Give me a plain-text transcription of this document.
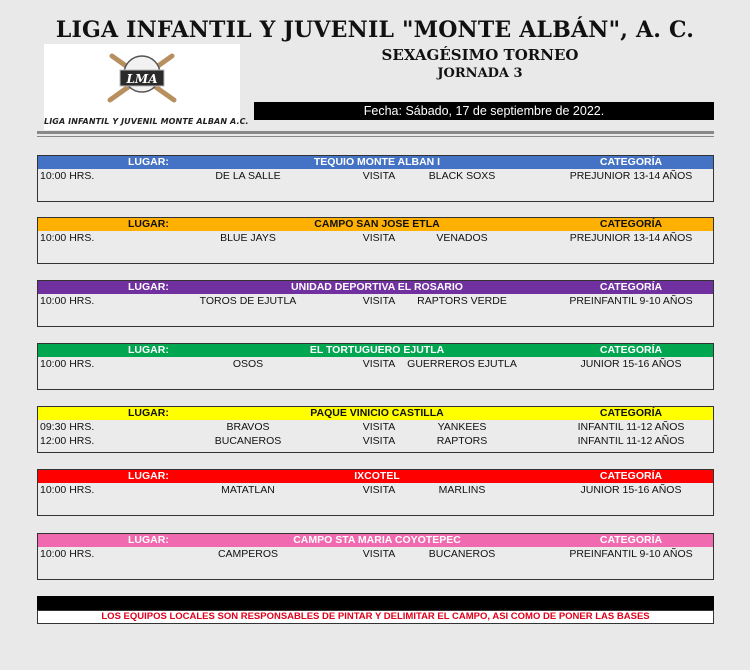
LIGA INFANTIL Y JUVENIL "MONTE ALBÁN", A. C.
LMA
LIGA INFANTIL Y JUVENIL MONTE ALBAN A.C.
SEXAGÉSIMO TORNEO
JORNADA 3
Fecha: Sábado, 17 de septiembre de 2022.
LUGAR:	TEQUIO MONTE ALBAN I	CATEGORÍA
10:00 HRS.	DE LA SALLE	VISITA	BLACK SOXS	PREJUNIOR 13-14 AÑOS
LUGAR:	CAMPO SAN JOSE ETLA	CATEGORÍA
10:00 HRS.	BLUE JAYS	VISITA	VENADOS	PREJUNIOR 13-14 AÑOS
LUGAR:	UNIDAD DEPORTIVA EL ROSARIO	CATEGORÍA
10:00 HRS.	TOROS DE EJUTLA	VISITA	RAPTORS VERDE	PREINFANTIL 9-10 AÑOS
LUGAR:	EL TORTUGUERO EJUTLA	CATEGORÍA
10:00 HRS.	OSOS	VISITA	GUERREROS EJUTLA	JUNIOR 15-16 AÑOS
LUGAR:	PAQUE VINICIO CASTILLA	CATEGORÍA
09:30 HRS.	BRAVOS	VISITA	YANKEES	INFANTIL 11-12 AÑOS
12:00 HRS.	BUCANEROS	VISITA	RAPTORS	INFANTIL 11-12 AÑOS
LUGAR:	IXCOTEL	CATEGORÍA
10:00 HRS.	MATATLAN	VISITA	MARLINS	JUNIOR 15-16 AÑOS
LUGAR:	CAMPO STA MARIA COYOTEPEC	CATEGORÍA
10:00 HRS.	CAMPEROS	VISITA	BUCANEROS	PREINFANTIL 9-10 AÑOS
LOS EQUIPOS LOCALES SON RESPONSABLES DE PINTAR Y DELIMITAR EL CAMPO, ASI COMO DE PONER LAS BASES
